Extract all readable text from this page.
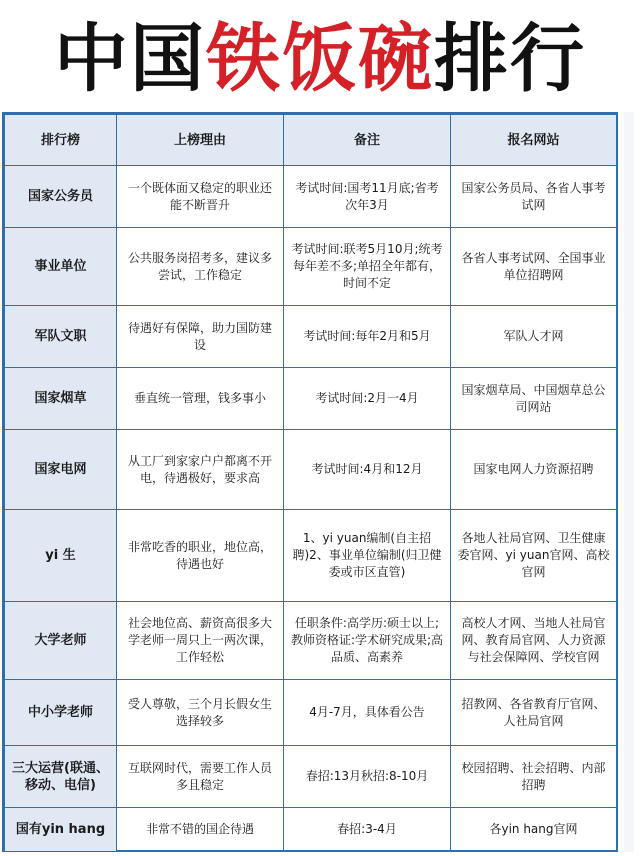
中国 铁饭碗 排行
排行榜	上榜理由	备注	报名网站
国家公务员	一个既体面又稳定的职业还能不断晋升	考试时间:国考11月底;省考次年3月	国家公务员局、各省人事考试网
事业单位	公共服务岗招考多，建议多尝试，工作稳定	考试时间:联考5月10月;统考每年差不多;单招全年都有，时间不定	各省人事考试网、全国事业单位招聘网
军队文职	待遇好有保障，助力国防建设	考试时间:每年2月和5月	军队人才网
国家烟草	垂直统一管理，钱多事小	考试时间:2月一4月	国家烟草局、中国烟草总公司网站
国家电网	从工厂到家家户户都离不开电，待遇极好，要求高	考试时间:4月和12月	国家电网人力资源招聘
yi 生	非常吃香的职业，地位高，待遇也好	1、yi yuan编制(自主招聘)2、事业单位编制(归卫健委或市区直管)	各地人社局官网、卫生健康委官网、yi yuan官网、高校官网
大学老师	社会地位高、薪资高很多大学老师一周只上一两次课，工作轻松	任职条件:高学历:硕士以上;教师资格证:学术研究成果;高品质、高素养	高校人才网、当地人社局官网、教育局官网、人力资源与社会保障网、学校官网
中小学老师	受人尊敬，三个月长假女生选择较多	4月-7月，具体看公告	招教网、各省教育厅官网、人社局官网
三大运营(联通、移动、电信)	互联网时代，需要工作人员多且稳定	春招:13月秋招:8-10月	校园招聘、社会招聘、内部招聘
国有yin hang	非常不错的国企待遇	春招:3-4月	各yin hang官网
